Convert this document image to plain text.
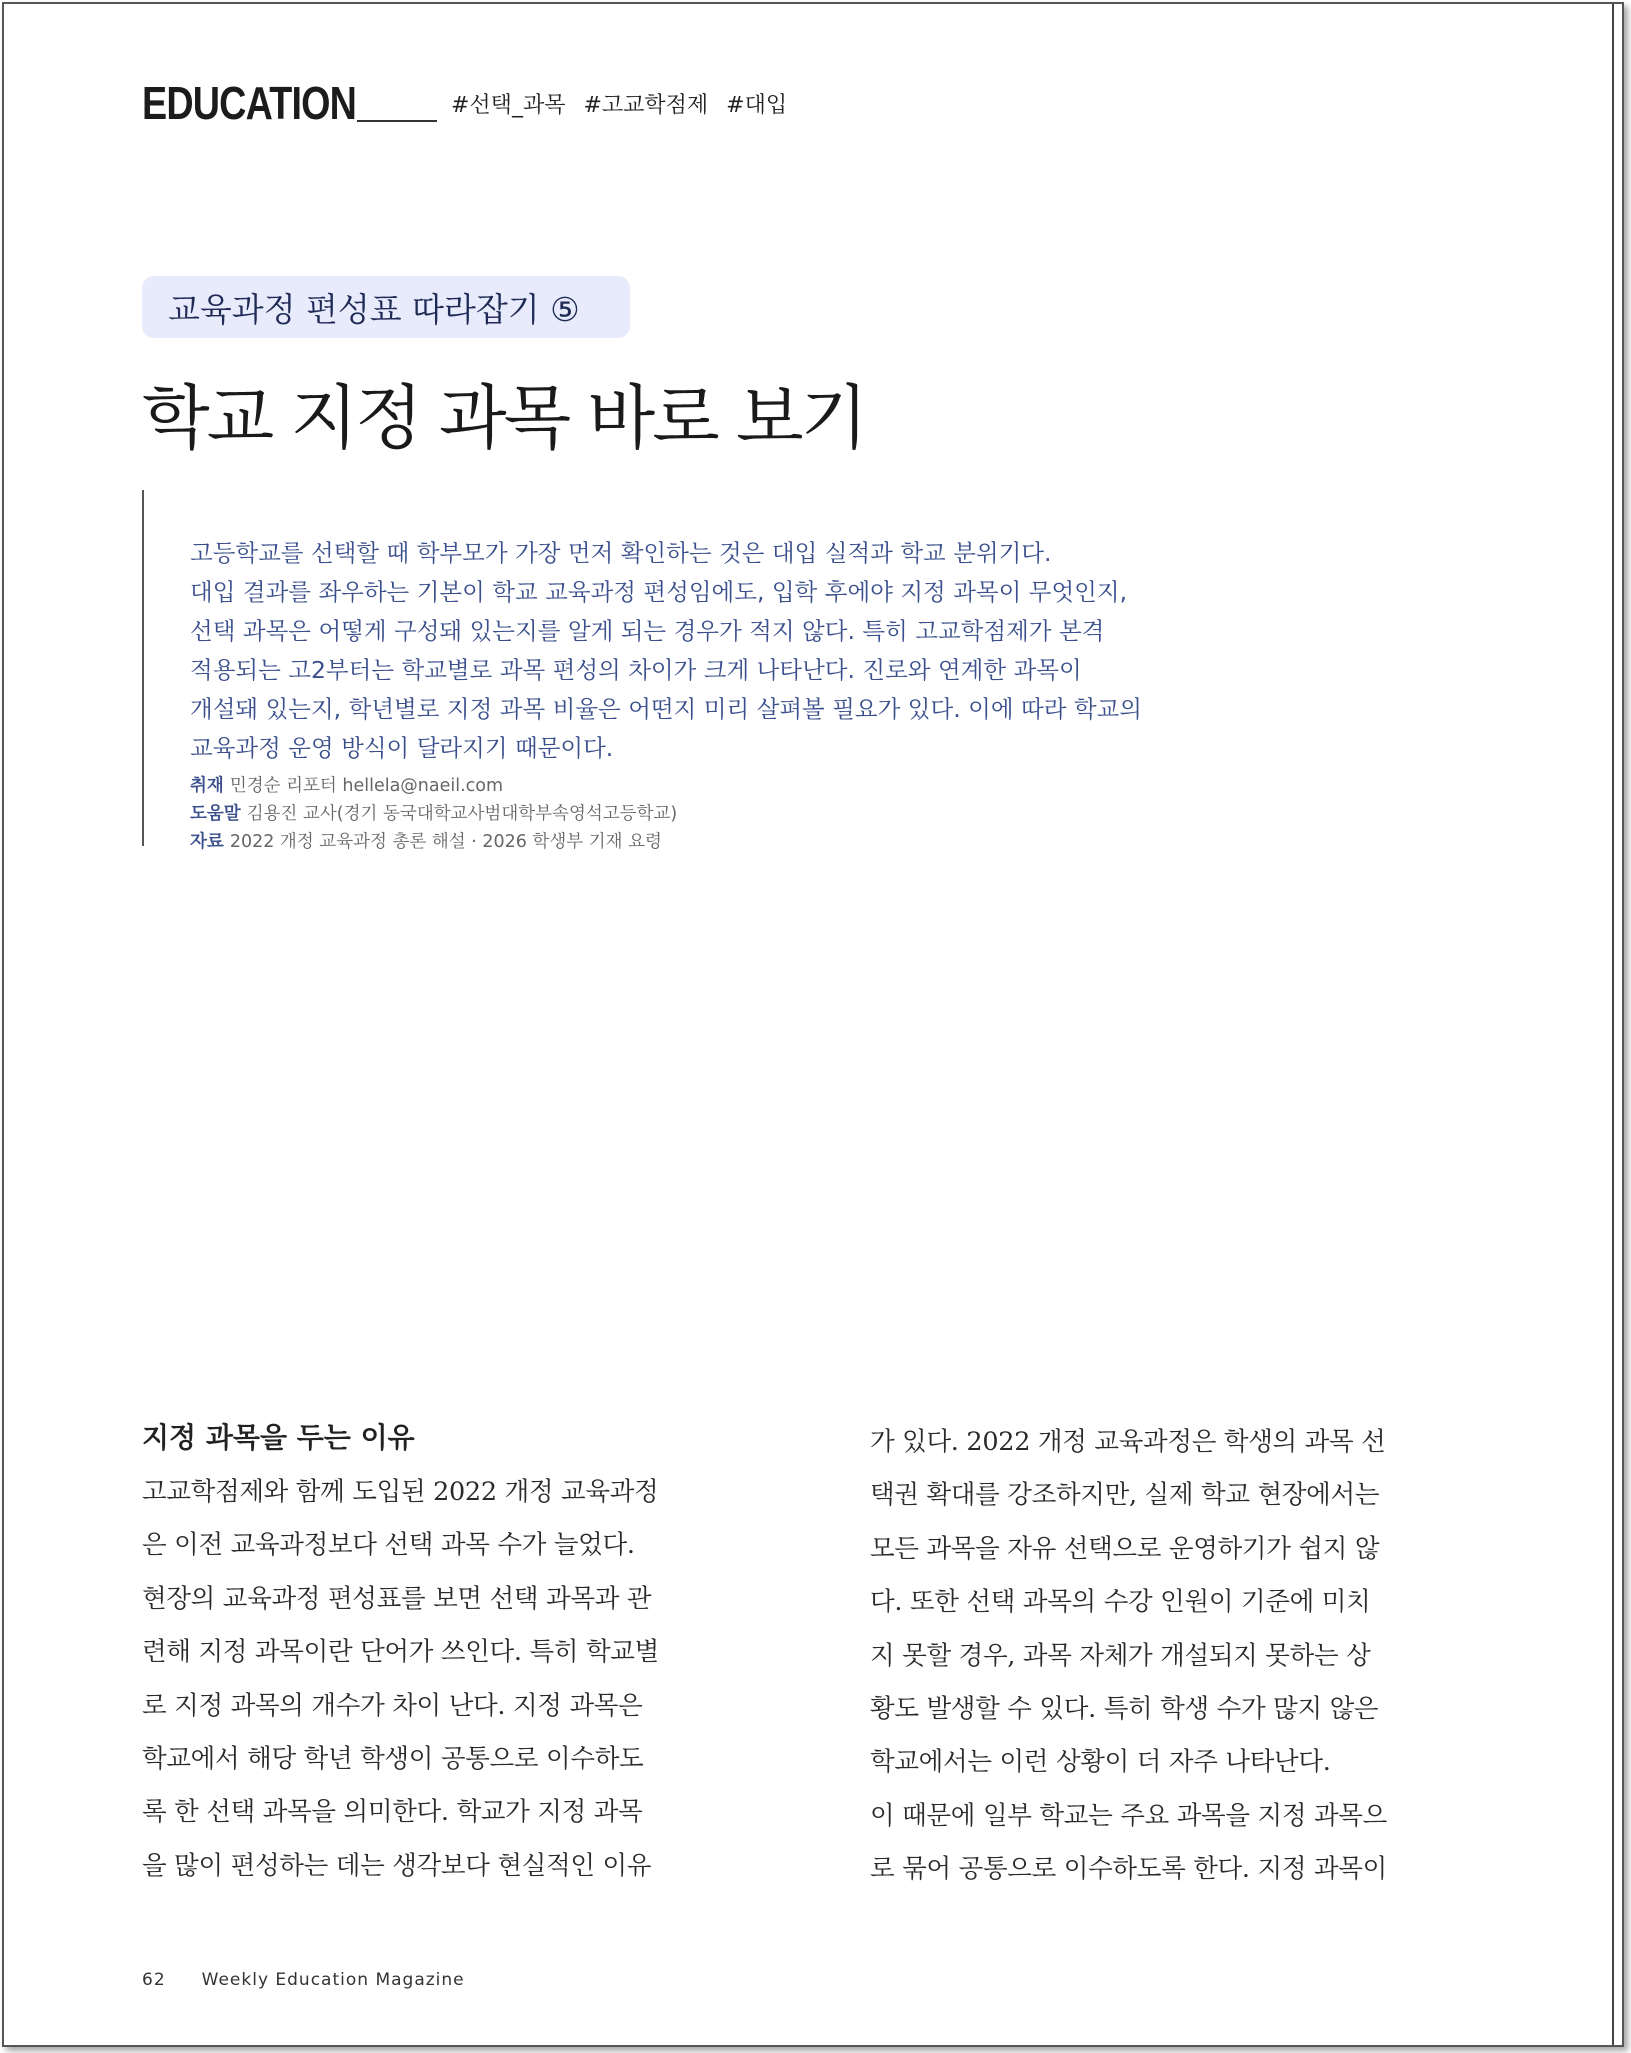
EDUCATION	#선택_과목 #고교학점제 #대입
교육과정 편성표 따라잡기 ⑤
학교 지정 과목 바로 보기
고등학교를 선택할 때 학부모가 가장 먼저 확인하는 것은 대입 실적과 학교 분위기다.
대입 결과를 좌우하는 기본이 학교 교육과정 편성임에도, 입학 후에야 지정 과목이 무엇인지,
선택 과목은 어떻게 구성돼 있는지를 알게 되는 경우가 적지 않다. 특히 고교학점제가 본격
적용되는 고2부터는 학교별로 과목 편성의 차이가 크게 나타난다. 진로와 연계한 과목이
개설돼 있는지, 학년별로 지정 과목 비율은 어떤지 미리 살펴볼 필요가 있다. 이에 따라 학교의
교육과정 운영 방식이 달라지기 때문이다.
취재 민경순 리포터 hellela@naeil.com
도움말 김용진 교사(경기 동국대학교사범대학부속영석고등학교)
자료 2022 개정 교육과정 총론 해설 · 2026 학생부 기재 요령
지정 과목을 두는 이유
고교학점제와 함께 도입된 2022 개정 교육과정
은 이전 교육과정보다 선택 과목 수가 늘었다.
현장의 교육과정 편성표를 보면 선택 과목과 관
련해 지정 과목이란 단어가 쓰인다. 특히 학교별
로 지정 과목의 개수가 차이 난다. 지정 과목은
학교에서 해당 학년 학생이 공통으로 이수하도
록 한 선택 과목을 의미한다. 학교가 지정 과목
을 많이 편성하는 데는 생각보다 현실적인 이유
가 있다. 2022 개정 교육과정은 학생의 과목 선
택권 확대를 강조하지만, 실제 학교 현장에서는
모든 과목을 자유 선택으로 운영하기가 쉽지 않
다. 또한 선택 과목의 수강 인원이 기준에 미치
지 못할 경우, 과목 자체가 개설되지 못하는 상
황도 발생할 수 있다. 특히 학생 수가 많지 않은
학교에서는 이런 상황이 더 자주 나타난다.
이 때문에 일부 학교는 주요 과목을 지정 과목으
로 묶어 공통으로 이수하도록 한다. 지정 과목이
62 Weekly Education Magazine
